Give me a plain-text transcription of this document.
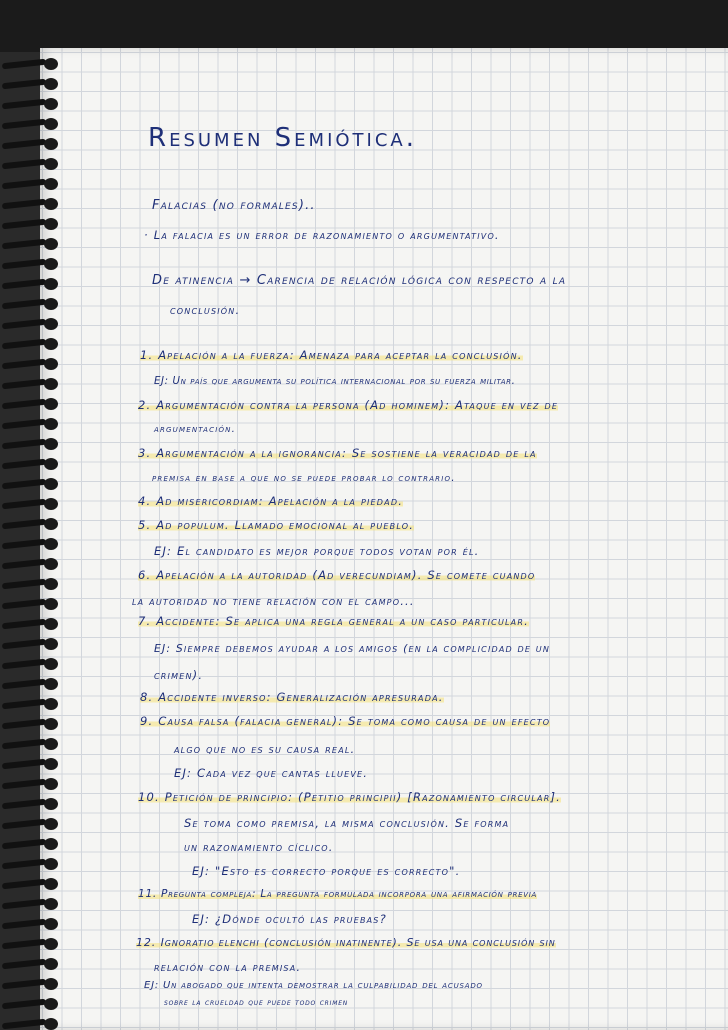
Resumen Semiótica.
Falacias (no formales)..
· La falacia es un error de razonamiento o argumentativo.
De atinencia → Carencia de relación lógica con respecto a la
conclusión.
1. Apelación a la fuerza: Amenaza para aceptar la conclusión.
EJ: Un país que argumenta su política internacional por su fuerza militar.
2. Argumentación contra la persona (Ad hominem): Ataque en vez de
argumentación.
3. Argumentación a la ignorancia: Se sostiene la veracidad de la
premisa en base a que no se puede probar lo contrario.
4. Ad misericordiam: Apelación a la piedad.
5. Ad populum. Llamado emocional al pueblo.
EJ: El candidato es mejor porque todos votan por él.
6. Apelación a la autoridad (Ad verecundiam). Se comete cuando
la autoridad no tiene relación con el campo...
7. Accidente: Se aplica una regla general a un caso particular.
EJ: Siempre debemos ayudar a los amigos (en la complicidad de un
crimen).
8. Accidente inverso: Generalización apresurada.
9. Causa falsa (falacia general): Se toma como causa de un efecto
algo que no es su causa real.
EJ: Cada vez que cantas llueve.
10. Petición de principio: (Petitio principii) [Razonamiento circular].
Se toma como premisa, la misma conclusión. Se forma
un razonamiento cíclico.
EJ: "Esto es correcto porque es correcto".
11. Pregunta compleja: La pregunta formulada incorpora una afirmación previa
EJ: ¿Dónde ocultó las pruebas?
12. Ignoratio elenchi (conclusión inatinente). Se usa una conclusión sin
relación con la premisa.
EJ: Un abogado que intenta demostrar la culpabilidad del acusado
sobre la crueldad que puede todo crimen
